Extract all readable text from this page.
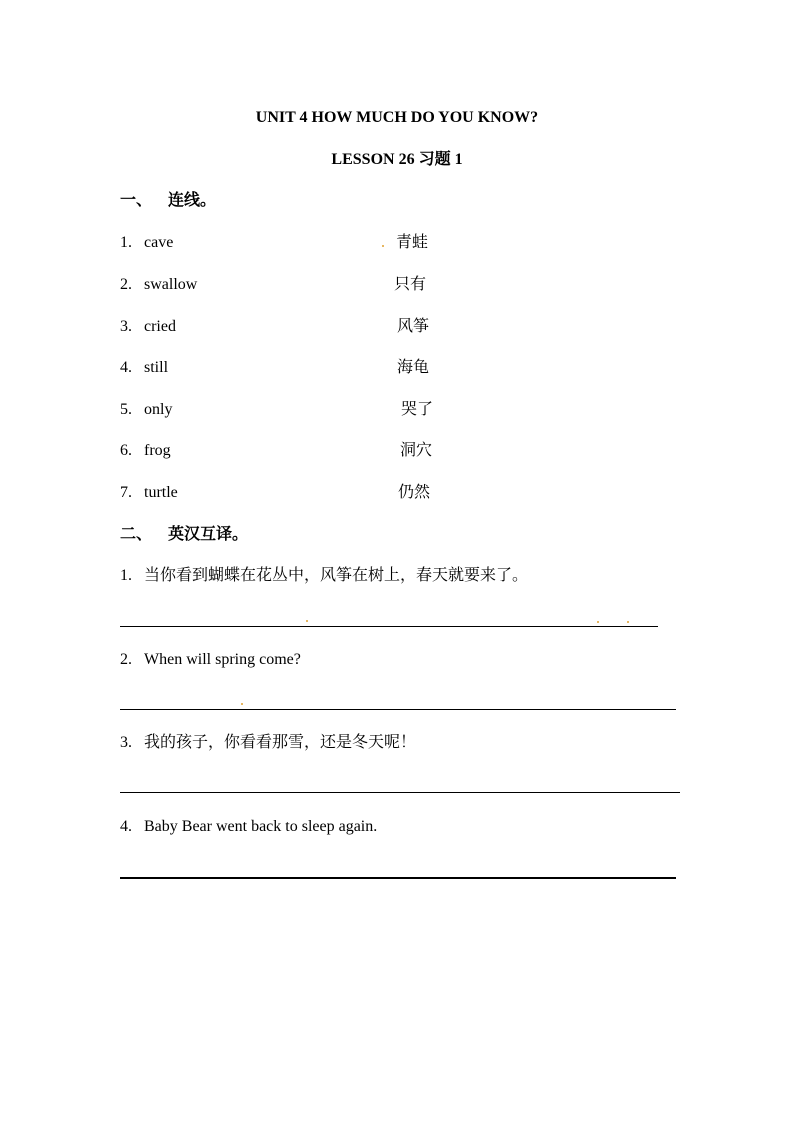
UNIT 4 HOW MUCH DO YOU KNOW?
LESSON 26 习题 1
一、 连线。
1. cave
2. swallow
3. cried
4. still
5. only
6. frog
7. turtle
青蛙
只有
风筝
海龟
哭了
洞穴
仍然
二、 英汉互译。
1. 当你看到蝴蝶在花丛中，风筝在树上，春天就要来了。
2. When will spring come?
3. 我的孩子，你看看那雪，还是冬天呢！
4. Baby Bear went back to sleep again.
